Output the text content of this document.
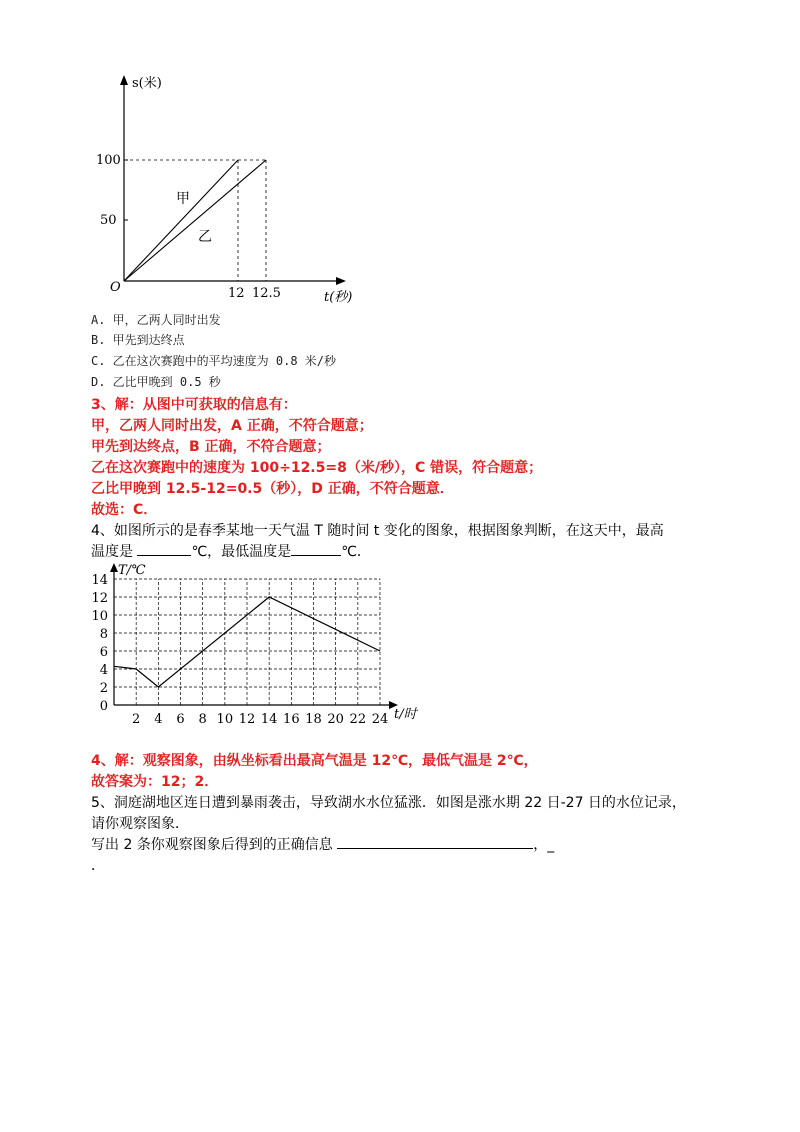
s(米)
t(秒)
O
100
50
12 12.5
甲
乙
A. 甲，乙两人同时出发
B. 甲先到达终点
C. 乙在这次赛跑中的平均速度为 0.8 米/秒
D. 乙比甲晚到 0.5 秒
3、解：从图中可获取的信息有：
甲，乙两人同时出发，A 正确，不符合题意；
甲先到达终点，B 正确，不符合题意；
乙在这次赛跑中的速度为 100÷12.5=8（米/秒），C 错误，符合题意；
乙比甲晚到 12.5-12=0.5（秒），D 正确，不符合题意．
故选：C．
4、如图所示的是春季某地一天气温 T 随时间 t 变化的图象，根据图象判断，在这天中，最高
温度是	℃，最低温度是	℃．
14
12
10
8
6
4
2
0
2 4 6 8 10 12 14 16 18 20 22 24
T/℃
t/时
4、解：观察图象，由纵坐标看出最高气温是 12℃，最低气温是 2℃，
故答案为：12；2．
5、洞庭湖地区连日遭到暴雨袭击，导致湖水水位猛涨．如图是涨水期 22 日-27 日的水位记录，
请你观察图象．
写出 2 条你观察图象后得到的正确信息	，_
．
